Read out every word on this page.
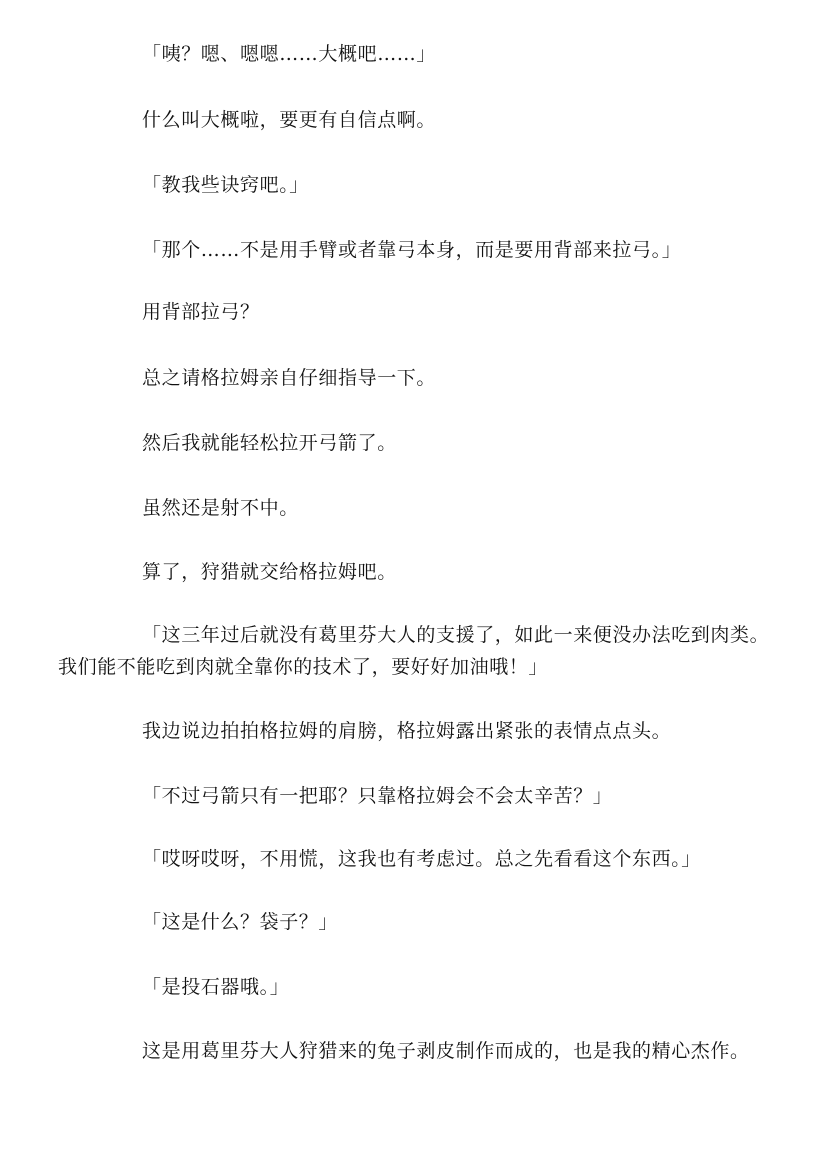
「咦？嗯、嗯嗯……大概吧……」

什么叫大概啦，要更有自信点啊。

「教我些诀窍吧。」

「那个……不是用手臂或者靠弓本身，而是要用背部来拉弓。」

用背部拉弓？

总之请格拉姆亲自仔细指导一下。

然后我就能轻松拉开弓箭了。

虽然还是射不中。

算了，狩猎就交给格拉姆吧。

「这三年过后就没有葛里芬大人的支援了，如此一来便没办法吃到肉类。我们能不能吃到肉就全靠你的技术了，要好好加油哦！」

我边说边拍拍格拉姆的肩膀，格拉姆露出紧张的表情点点头。

「不过弓箭只有一把耶？只靠格拉姆会不会太辛苦？」

「哎呀哎呀，不用慌，这我也有考虑过。总之先看看这个东西。」

「这是什么？袋子？」

「是投石器哦。」

这是用葛里芬大人狩猎来的兔子剥皮制作而成的，也是我的精心杰作。
